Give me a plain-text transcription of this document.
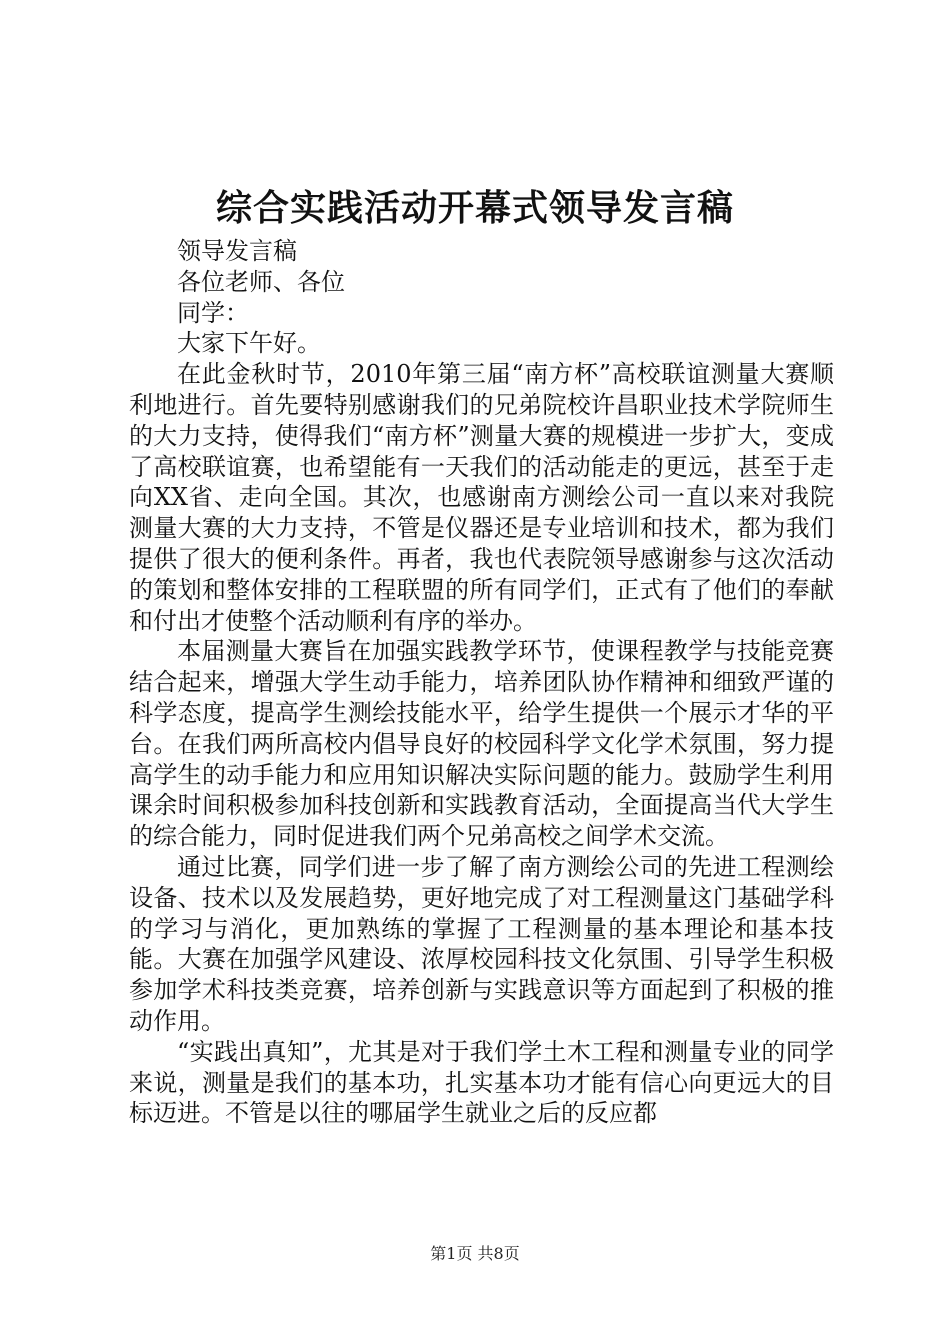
综合实践活动开幕式领导发言稿

领导发言稿

各位老师、各位

同学：

大家下午好。

在此金秋时节，2010年第三届“南方杯”高校联谊测量大赛顺利地进行。首先要特别感谢我们的兄弟院校许昌职业技术学院师生的大力支持，使得我们“南方杯”测量大赛的规模进一步扩大，变成了高校联谊赛，也希望能有一天我们的活动能走的更远，甚至于走向XX省、走向全国。其次，也感谢南方测绘公司一直以来对我院测量大赛的大力支持，不管是仪器还是专业培训和技术，都为我们提供了很大的便利条件。再者，我也代表院领导感谢参与这次活动的策划和整体安排的工程联盟的所有同学们，正式有了他们的奉献和付出才使整个活动顺利有序的举办。

本届测量大赛旨在加强实践教学环节，使课程教学与技能竞赛结合起来，增强大学生动手能力，培养团队协作精神和细致严谨的科学态度，提高学生测绘技能水平，给学生提供一个展示才华的平台。在我们两所高校内倡导良好的校园科学文化学术氛围，努力提高学生的动手能力和应用知识解决实际问题的能力。鼓励学生利用课余时间积极参加科技创新和实践教育活动，全面提高当代大学生的综合能力，同时促进我们两个兄弟高校之间学术交流。

通过比赛，同学们进一步了解了南方测绘公司的先进工程测绘设备、技术以及发展趋势，更好地完成了对工程测量这门基础学科的学习与消化，更加熟练的掌握了工程测量的基本理论和基本技能。大赛在加强学风建设、浓厚校园科技文化氛围、引导学生积极参加学术科技类竞赛，培养创新与实践意识等方面起到了积极的推动作用。

“实践出真知”，尤其是对于我们学土木工程和测量专业的同学来说，测量是我们的基本功，扎实基本功才能有信心向更远大的目标迈进。不管是以往的哪届学生就业之后的反应都

第1页 共8页
